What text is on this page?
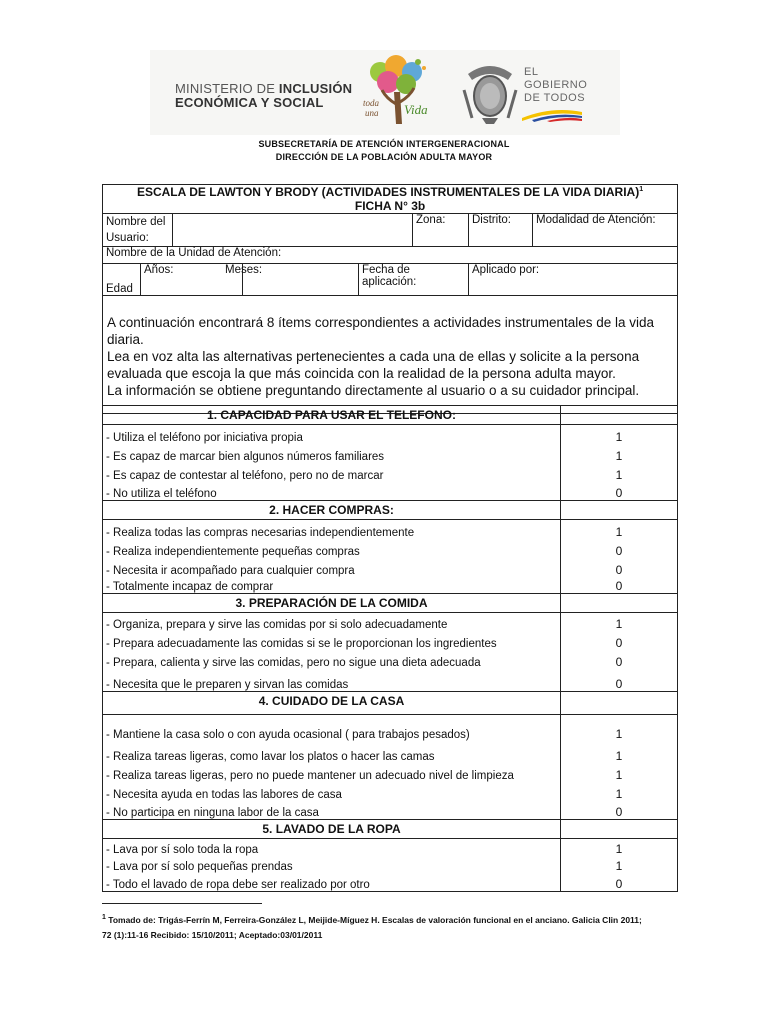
MINISTERIO DE INCLUSIÓN
ECONÓMICA Y SOCIAL	toda
una Vida
EL
GOBIERNO
DE TODOS
SUBSECRETARÍA DE ATENCIÓN INTERGENERACIONAL
DIRECCIÓN DE LA POBLACIÓN ADULTA MAYOR
ESCALA DE LAWTON Y BRODY (ACTIVIDADES INSTRUMENTALES DE LA VIDA DIARIA)$^1$
FICHA N° 3b							
Nombre del Usuario:					Zona:	Distrito:	Modalidad de Atención:
Nombre de la Unidad de Atención:							
Edad	Años:		Meses:	Fecha de aplicación:		Aplicado por:	
A continuación encontrará 8 ítems correspondientes a actividades instrumentales de la vida diaria.
Lea en voz alta las alternativas pertenecientes a cada una de ellas y solicite a la persona evaluada que escoja la que más coincida con la realidad de la persona adulta mayor.
La información se obtiene preguntando directamente al usuario o a su cuidador principal.							
1. CAPACIDAD PARA USAR EL TELEFONO:	
- Utiliza el teléfono por iniciativa propia	1
- Es capaz de marcar bien algunos números familiares	1
- Es capaz de contestar al teléfono, pero no de marcar	1
- No utiliza el teléfono	0
2. HACER COMPRAS:	
- Realiza todas las compras necesarias independientemente	1
- Realiza independientemente pequeñas compras	0
- Necesita ir acompañado para cualquier compra	0
- Totalmente incapaz de comprar	0
3. PREPARACIÓN DE LA COMIDA	
- Organiza, prepara y sirve las comidas por si solo adecuadamente	1
- Prepara adecuadamente las comidas si se le proporcionan los ingredientes	0
- Prepara, calienta y sirve las comidas, pero no sigue una dieta adecuada	0
- Necesita que le preparen y sirvan las comidas	0
4. CUIDADO DE LA CASA	
- Mantiene la casa solo o con ayuda ocasional ( para trabajos pesados)	1
- Realiza tareas ligeras, como lavar los platos o hacer las camas	1
- Realiza tareas ligeras, pero no puede mantener un adecuado nivel de limpieza	1
- Necesita ayuda en todas las labores de casa	1
- No participa en ninguna labor de la casa	0
5. LAVADO DE LA ROPA	
- Lava por sí solo toda la ropa	1
- Lava por sí solo pequeñas prendas	1
- Todo el lavado de ropa debe ser realizado por otro	0
$^1$ Tomado de: Trigás-Ferrín M, Ferreira-González L, Meijide-Míguez H. Escalas de valoración funcional en el anciano. Galicia Clin 2011;
72 (1):11-16 Recibido: 15/10/2011; Aceptado:03/01/2011
